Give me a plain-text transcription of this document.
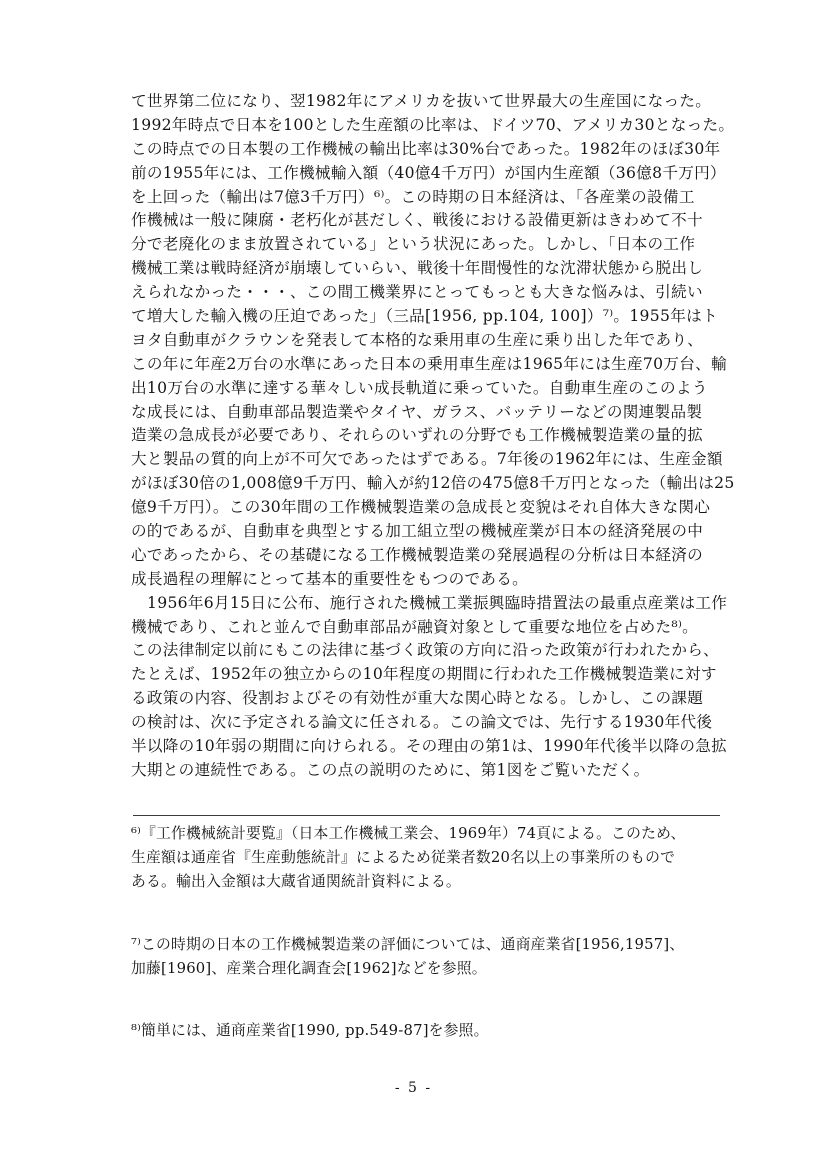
て世界第二位になり、翌1982年にアメリカを抜いて世界最大の生産国になった。
1992年時点で日本を100とした生産額の比率は、ドイツ70、アメリカ30となった。
この時点での日本製の工作機械の輸出比率は30%台であった。1982年のほぼ30年
前の1955年には、工作機械輸入額（40億4千万円）が国内生産額（36億8千万円）
を上回った（輸出は7億3千万円）⁶⁾。この時期の日本経済は、「各産業の設備工
作機械は一般に陳腐・老朽化が甚だしく、戦後における設備更新はきわめて不十
分で老廃化のまま放置されている」という状況にあった。しかし、「日本の工作
機械工業は戦時経済が崩壊していらい、戦後十年間慢性的な沈滞状態から脱出し
えられなかった・・・、この間工機業界にとってもっとも大きな悩みは、引続い
て増大した輸入機の圧迫であった」（三品[1956, pp.104, 100]）⁷⁾。1955年はト
ヨタ自動車がクラウンを発表して本格的な乗用車の生産に乗り出した年であり、
この年に年産2万台の水準にあった日本の乗用車生産は1965年には生産70万台、輸
出10万台の水準に達する華々しい成長軌道に乗っていた。自動車生産のこのよう
な成長には、自動車部品製造業やタイヤ、ガラス、バッテリーなどの関連製品製
造業の急成長が必要であり、それらのいずれの分野でも工作機械製造業の量的拡
大と製品の質的向上が不可欠であったはずである。7年後の1962年には、生産金額
がほぼ30倍の1,008億9千万円、輸入が約12倍の475億8千万円となった（輸出は25
億9千万円）。この30年間の工作機械製造業の急成長と変貌はそれ自体大きな関心
の的であるが、自動車を典型とする加工組立型の機械産業が日本の経済発展の中
心であったから、その基礎になる工作機械製造業の発展過程の分析は日本経済の
成長過程の理解にとって基本的重要性をもつのである。
1956年6月15日に公布、施行された機械工業振興臨時措置法の最重点産業は工作
機械であり、これと並んで自動車部品が融資対象として重要な地位を占めた⁸⁾。
この法律制定以前にもこの法律に基づく政策の方向に沿った政策が行われたから、
たとえば、1952年の独立からの10年程度の期間に行われた工作機械製造業に対す
る政策の内容、役割およびその有効性が重大な関心時となる。しかし、この課題
の検討は、次に予定される論文に任される。この論文では、先行する1930年代後
半以降の10年弱の期間に向けられる。その理由の第1は、1990年代後半以降の急拡
大期との連続性である。この点の説明のために、第1図をご覧いただく。
⁶⁾『工作機械統計要覧』（日本工作機械工業会、1969年）74頁による。このため、
生産額は通産省『生産動態統計』によるため従業者数20名以上の事業所のもので
ある。輸出入金額は大蔵省通関統計資料による。
⁷⁾この時期の日本の工作機械製造業の評価については、通商産業省[1956,1957]、
加藤[1960]、産業合理化調査会[1962]などを参照。
⁸⁾簡単には、通商産業省[1990, pp.549-87]を参照。
- 5 -
